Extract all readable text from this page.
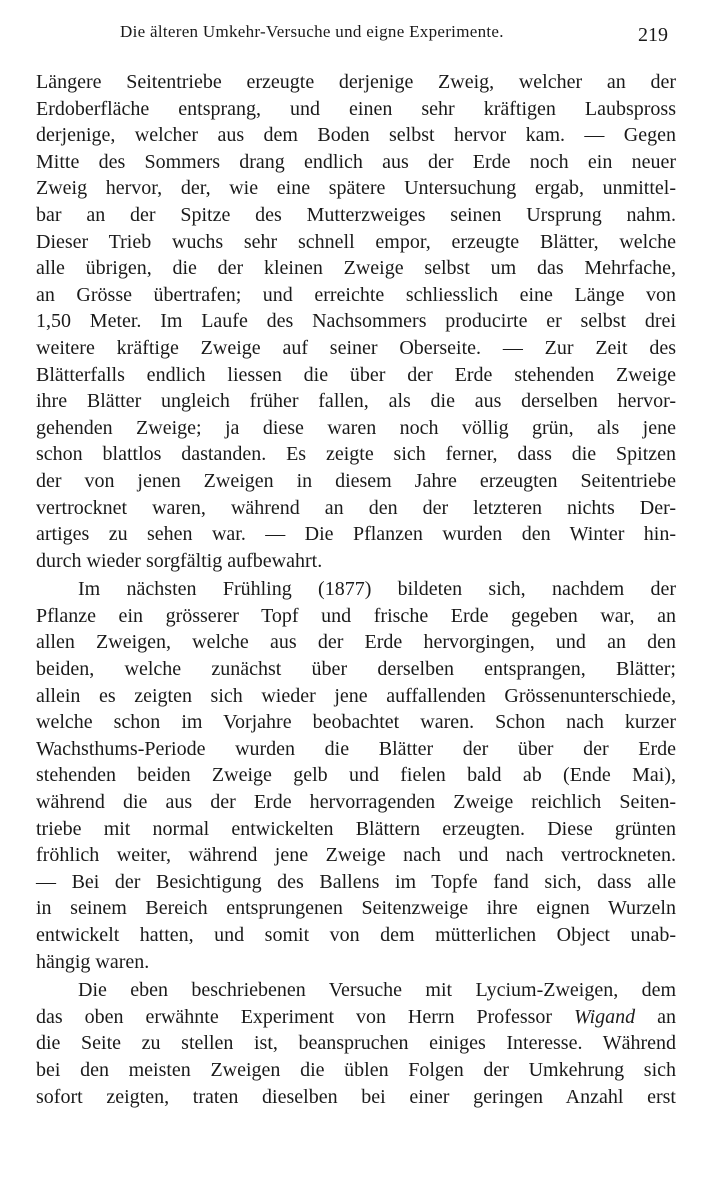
Die älteren Umkehr-Versuche und eigne Experimente.	219
Längere Seitentriebe erzeugte derjenige Zweig, welcher an der
Erdoberfläche entsprang, und einen sehr kräftigen Laubspross
derjenige, welcher aus dem Boden selbst hervor kam. — Gegen
Mitte des Sommers drang endlich aus der Erde noch ein neuer
Zweig hervor, der, wie eine spätere Untersuchung ergab, unmittel-
bar an der Spitze des Mutterzweiges seinen Ursprung nahm.
Dieser Trieb wuchs sehr schnell empor, erzeugte Blätter, welche
alle übrigen, die der kleinen Zweige selbst um das Mehrfache,
an Grösse übertrafen; und erreichte schliesslich eine Länge von
1,50 Meter. Im Laufe des Nachsommers producirte er selbst drei
weitere kräftige Zweige auf seiner Oberseite. — Zur Zeit des
Blätterfalls endlich liessen die über der Erde stehenden Zweige
ihre Blätter ungleich früher fallen, als die aus derselben hervor-
gehenden Zweige; ja diese waren noch völlig grün, als jene
schon blattlos dastanden. Es zeigte sich ferner, dass die Spitzen
der von jenen Zweigen in diesem Jahre erzeugten Seitentriebe
vertrocknet waren, während an den der letzteren nichts Der-
artiges zu sehen war. — Die Pflanzen wurden den Winter hin-
durch wieder sorgfältig aufbewahrt.
Im nächsten Frühling (1877) bildeten sich, nachdem der
Pflanze ein grösserer Topf und frische Erde gegeben war, an
allen Zweigen, welche aus der Erde hervorgingen, und an den
beiden, welche zunächst über derselben entsprangen, Blätter;
allein es zeigten sich wieder jene auffallenden Grössenunterschiede,
welche schon im Vorjahre beobachtet waren. Schon nach kurzer
Wachsthums-Periode wurden die Blätter der über der Erde
stehenden beiden Zweige gelb und fielen bald ab (Ende Mai),
während die aus der Erde hervorragenden Zweige reichlich Seiten-
triebe mit normal entwickelten Blättern erzeugten. Diese grünten
fröhlich weiter, während jene Zweige nach und nach vertrockneten.
— Bei der Besichtigung des Ballens im Topfe fand sich, dass alle
in seinem Bereich entsprungenen Seitenzweige ihre eignen Wurzeln
entwickelt hatten, und somit von dem mütterlichen Object unab-
hängig waren.
Die eben beschriebenen Versuche mit Lycium-Zweigen, dem
das oben erwähnte Experiment von Herrn Professor Wigand an
die Seite zu stellen ist, beanspruchen einiges Interesse. Während
bei den meisten Zweigen die üblen Folgen der Umkehrung sich
sofort zeigten, traten dieselben bei einer geringen Anzahl erst
